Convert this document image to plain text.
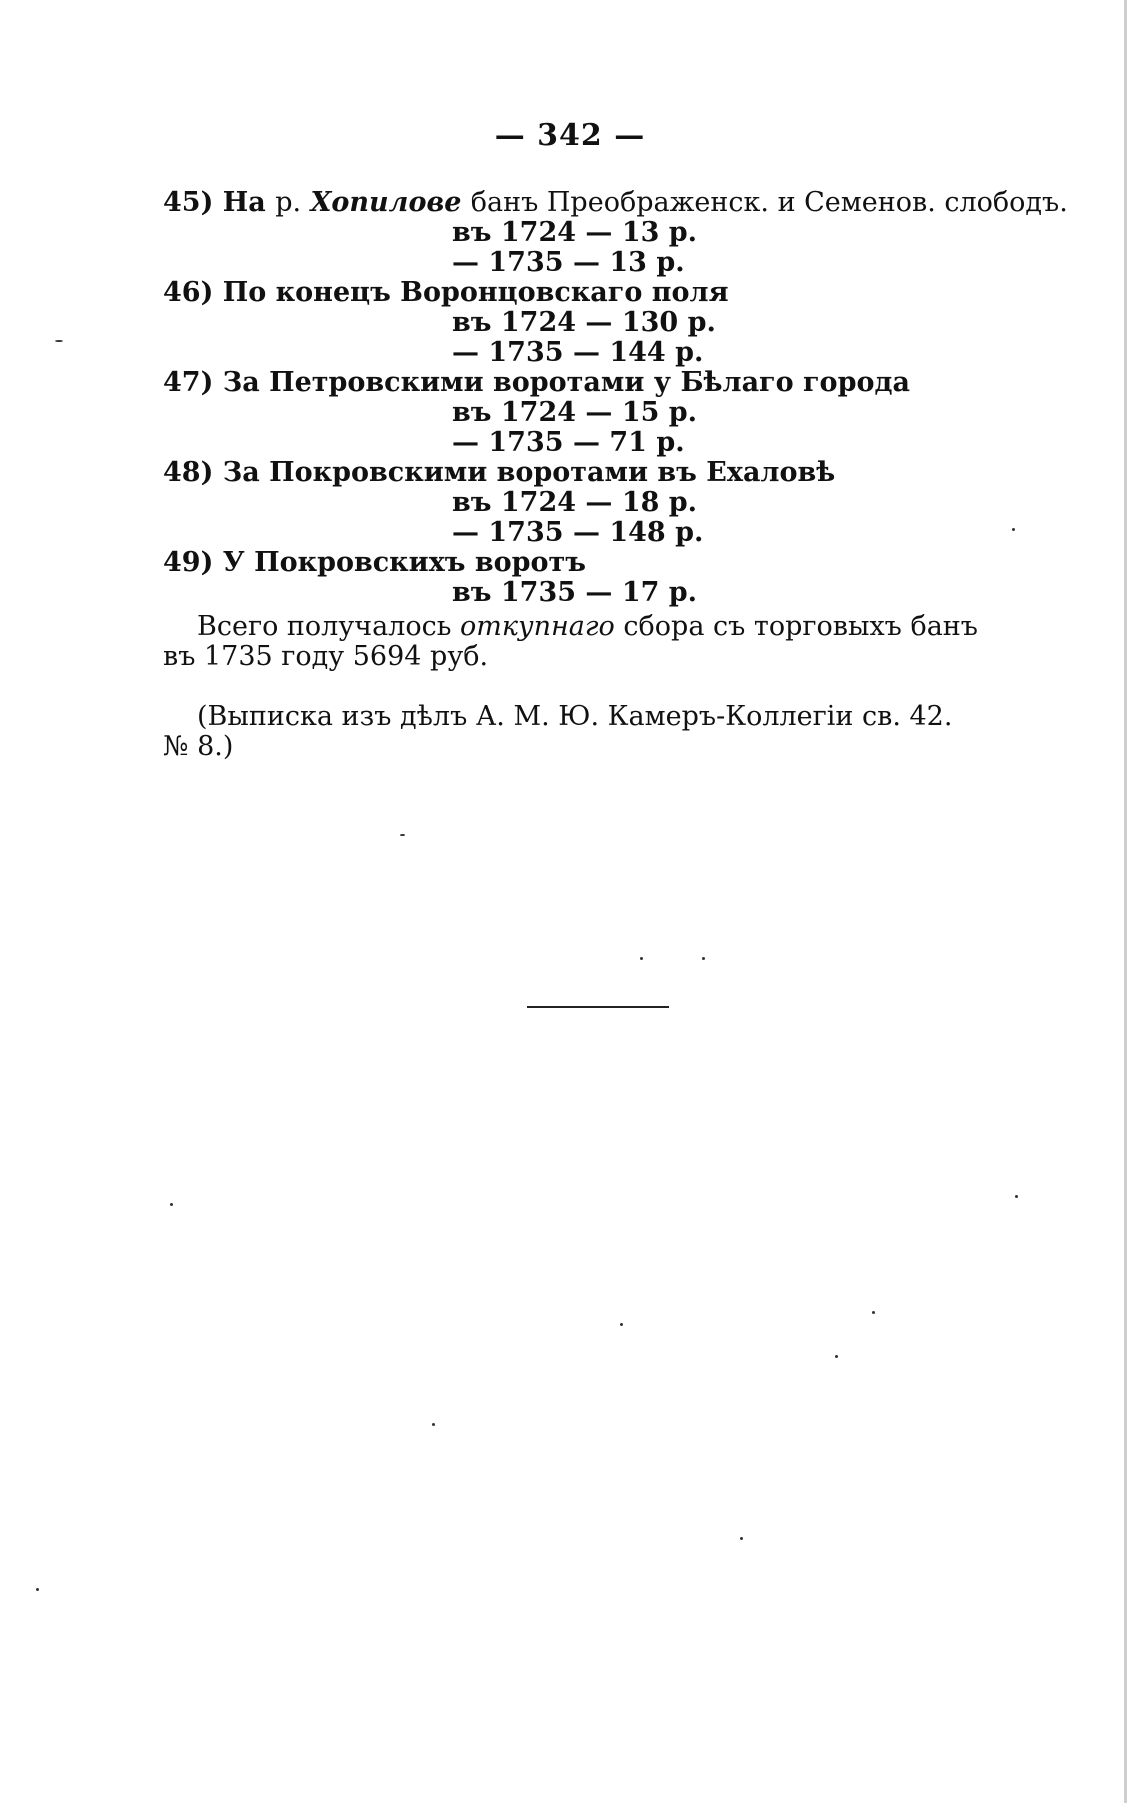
— 342 —
45) На р. Хопилове банъ Преображенск. и Семенов. слободъ.
въ 1724 — 13 р.
— 1735 — 13 р.
46) По конецъ Воронцовскаго поля
въ 1724 — 130 р.
— 1735 — 144 р.
47) За Петровскими воротами у Бѣлаго города
въ 1724 — 15 р.
— 1735 — 71 р.
48) За Покровскими воротами въ Ехаловѣ
въ 1724 — 18 р.
— 1735 — 148 р.
49) У Покровскихъ воротъ
въ 1735 — 17 р.
Всего получалось откупнаго сбора съ торговыхъ банъ
въ 1735 году 5694 руб.
(Выписка изъ дѣлъ А. М. Ю. Камеръ-Коллегіи св. 42.
№ 8.)
